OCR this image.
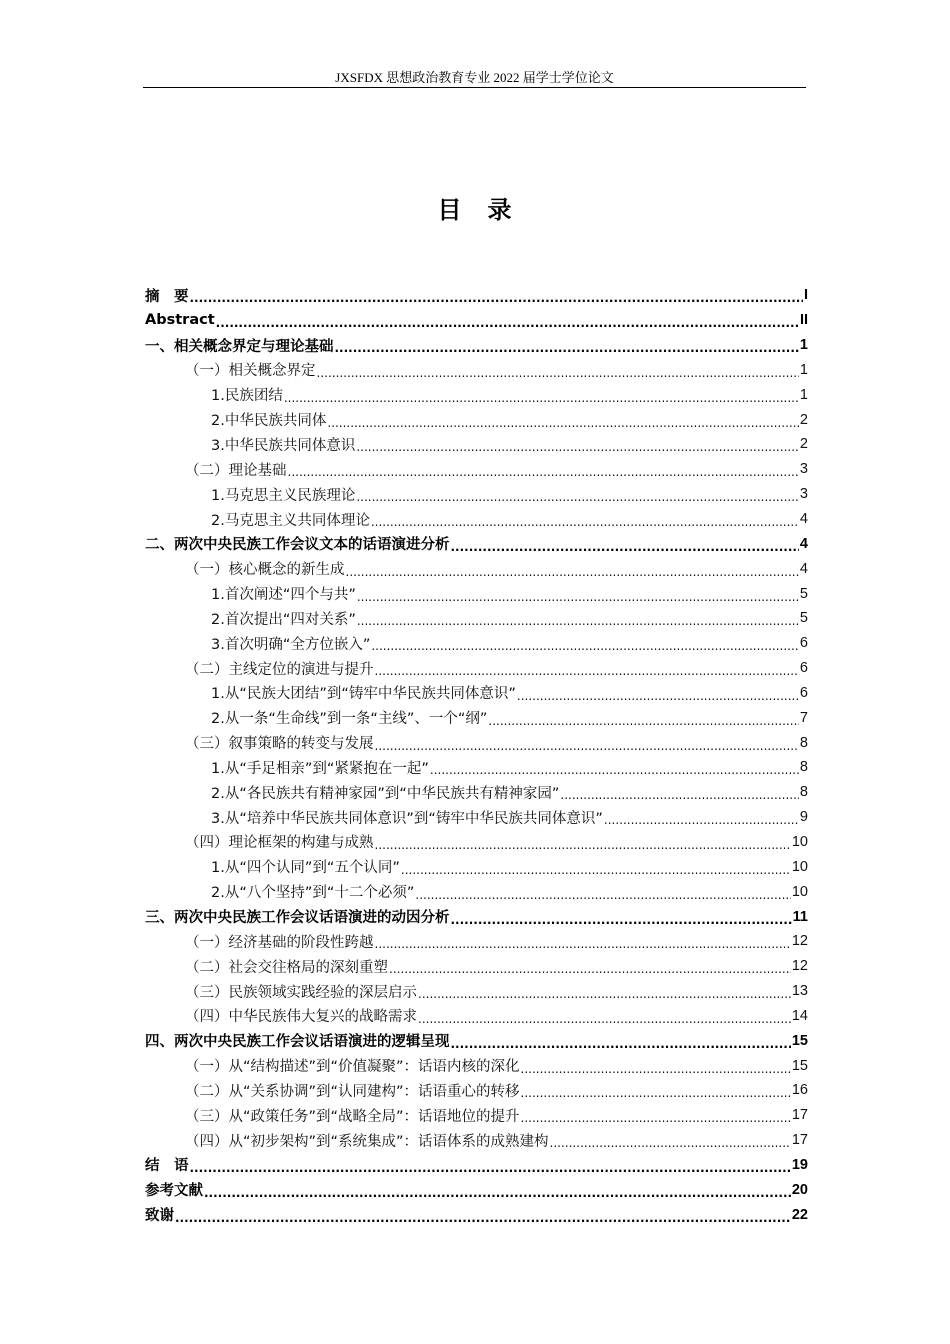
JXSFDX 思想政治教育专业 2022 届学士学位论文
目　录
摘　要 .....	I
Abstract .....	II
一、相关概念界定与理论基础 .....	1
（一）相关概念界定 .....	1
1.民族团结 .....	1
2.中华民族共同体 .....	2
3.中华民族共同体意识 .....	2
（二）理论基础 .....	3
1.马克思主义民族理论 .....	3
2.马克思主义共同体理论 .....	4
二、两次中央民族工作会议文本的话语演进分析 .....	4
（一）核心概念的新生成 .....	4
1.首次阐述“四个与共” .....	5
2.首次提出“四对关系” .....	5
3.首次明确“全方位嵌入” .....	6
（二）主线定位的演进与提升 .....	6
1.从“民族大团结”到“铸牢中华民族共同体意识” .....	6
2.从一条“生命线”到一条“主线”、一个“纲” .....	7
（三）叙事策略的转变与发展 .....	8
1.从“手足相亲”到“紧紧抱在一起” .....	8
2.从“各民族共有精神家园”到“中华民族共有精神家园” .....	8
3.从“培养中华民族共同体意识”到“铸牢中华民族共同体意识” .....	9
（四）理论框架的构建与成熟 .....	10
1.从“四个认同”到“五个认同” .....	10
2.从“八个坚持”到“十二个必须” .....	10
三、两次中央民族工作会议话语演进的动因分析 .....	11
（一）经济基础的阶段性跨越 .....	12
（二）社会交往格局的深刻重塑 .....	12
（三）民族领域实践经验的深层启示 .....	13
（四）中华民族伟大复兴的战略需求 .....	14
四、两次中央民族工作会议话语演进的逻辑呈现 .....	15
（一）从“结构描述”到“价值凝聚”：话语内核的深化 .....	15
（二）从“关系协调”到“认同建构”：话语重心的转移 .....	16
（三）从“政策任务”到“战略全局”：话语地位的提升 .....	17
（四）从“初步架构”到“系统集成”：话语体系的成熟建构 .....	17
结　语 .....	19
参考文献 .....	20
致谢 .....	22
